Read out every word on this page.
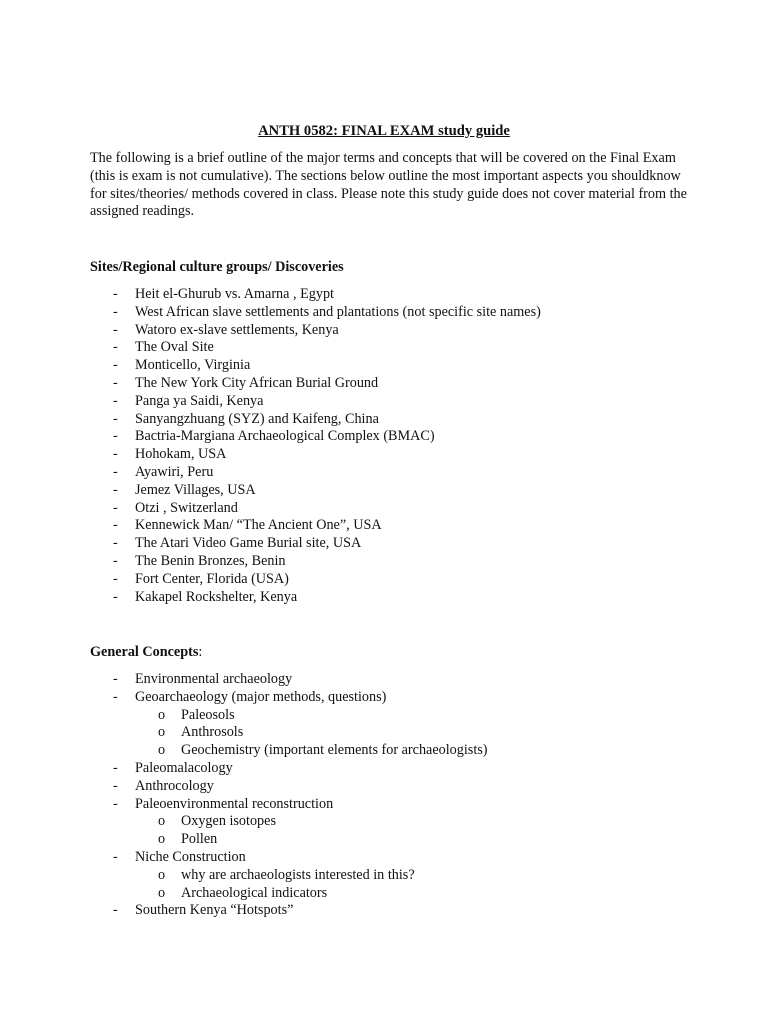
ANTH 0582: FINAL EXAM study guide

The following is a brief outline of the major terms and concepts that will be covered on the Final Exam
(this is exam is not cumulative). The sections below outline the most important aspects you shouldknow
for sites/theories/ methods covered in class. Please note this study guide does not cover material from the
assigned readings.

Sites/Regional culture groups/ Discoveries
- Heit el-Ghurub vs. Amarna , Egypt
- West African slave settlements and plantations (not specific site names)
- Watoro ex-slave settlements, Kenya
- The Oval Site
- Monticello, Virginia
- The New York City African Burial Ground
- Panga ya Saidi, Kenya
- Sanyangzhuang (SYZ) and Kaifeng, China
- Bactria-Margiana Archaeological Complex (BMAC)
- Hohokam, USA
- Ayawiri, Peru
- Jemez Villages, USA
- Otzi , Switzerland
- Kennewick Man/ “The Ancient One”, USA
- The Atari Video Game Burial site, USA
- The Benin Bronzes, Benin
- Fort Center, Florida (USA)
- Kakapel Rockshelter, Kenya
General Concepts:
- Environmental archaeology
- Geoarchaeology (major methods, questions)
o Paleosols
o Anthrosols
o Geochemistry (important elements for archaeologists)
- Paleomalacology
- Anthrocology
- Paleoenvironmental reconstruction
o Oxygen isotopes
o Pollen
- Niche Construction
o why are archaeologists interested in this?
o Archaeological indicators
- Southern Kenya “Hotspots”
